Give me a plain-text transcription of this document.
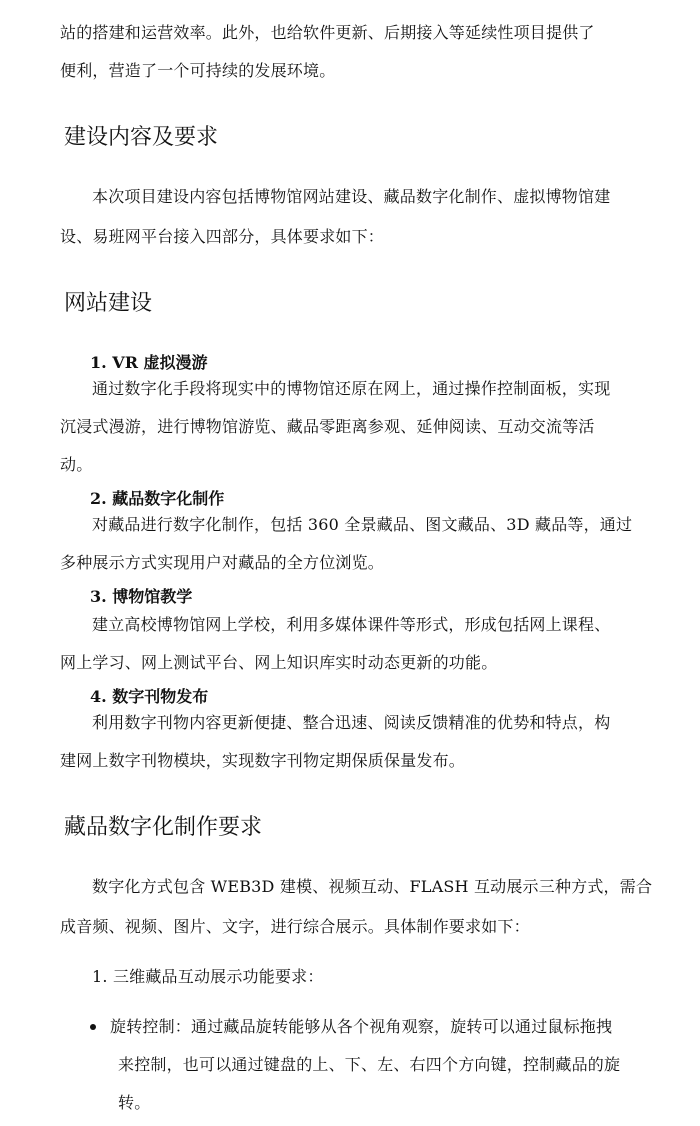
站的搭建和运营效率。此外，也给软件更新、后期接入等延续性项目提供了

便利，营造了一个可持续的发展环境。

建设内容及要求

本次项目建设内容包括博物馆网站建设、藏品数字化制作、虚拟博物馆建

设、易班网平台接入四部分，具体要求如下：

网站建设

1. VR 虚拟漫游

通过数字化手段将现实中的博物馆还原在网上，通过操作控制面板，实现

沉浸式漫游，进行博物馆游览、藏品零距离参观、延伸阅读、互动交流等活

动。

2. 藏品数字化制作

对藏品进行数字化制作，包括 360 全景藏品、图文藏品、3D 藏品等，通过

多种展示方式实现用户对藏品的全方位浏览。

3. 博物馆教学

建立高校博物馆网上学校，利用多媒体课件等形式，形成包括网上课程、

网上学习、网上测试平台、网上知识库实时动态更新的功能。

4. 数字刊物发布

利用数字刊物内容更新便捷、整合迅速、阅读反馈精准的优势和特点，构

建网上数字刊物模块，实现数字刊物定期保质保量发布。

藏品数字化制作要求

数字化方式包含 WEB3D 建模、视频互动、FLASH 互动展示三种方式，需合

成音频、视频、图片、文字，进行综合展示。具体制作要求如下：

1. 三维藏品互动展示功能要求：

旋转控制：通过藏品旋转能够从各个视角观察，旋转可以通过鼠标拖拽

来控制，也可以通过键盘的上、下、左、右四个方向键，控制藏品的旋

转。
